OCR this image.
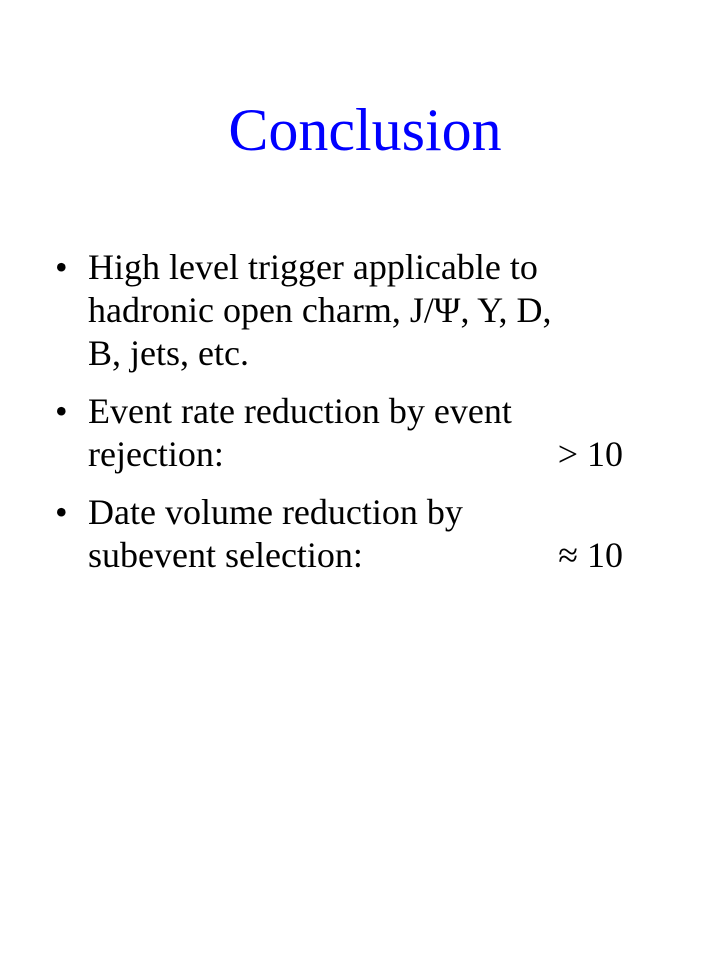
Conclusion
• High level trigger applicable to
hadronic open charm, J/Ψ, Υ, D,
B, jets, etc.
• Event rate reduction by event
rejection:	> 10
• Date volume reduction by
subevent selection:	≈ 10
